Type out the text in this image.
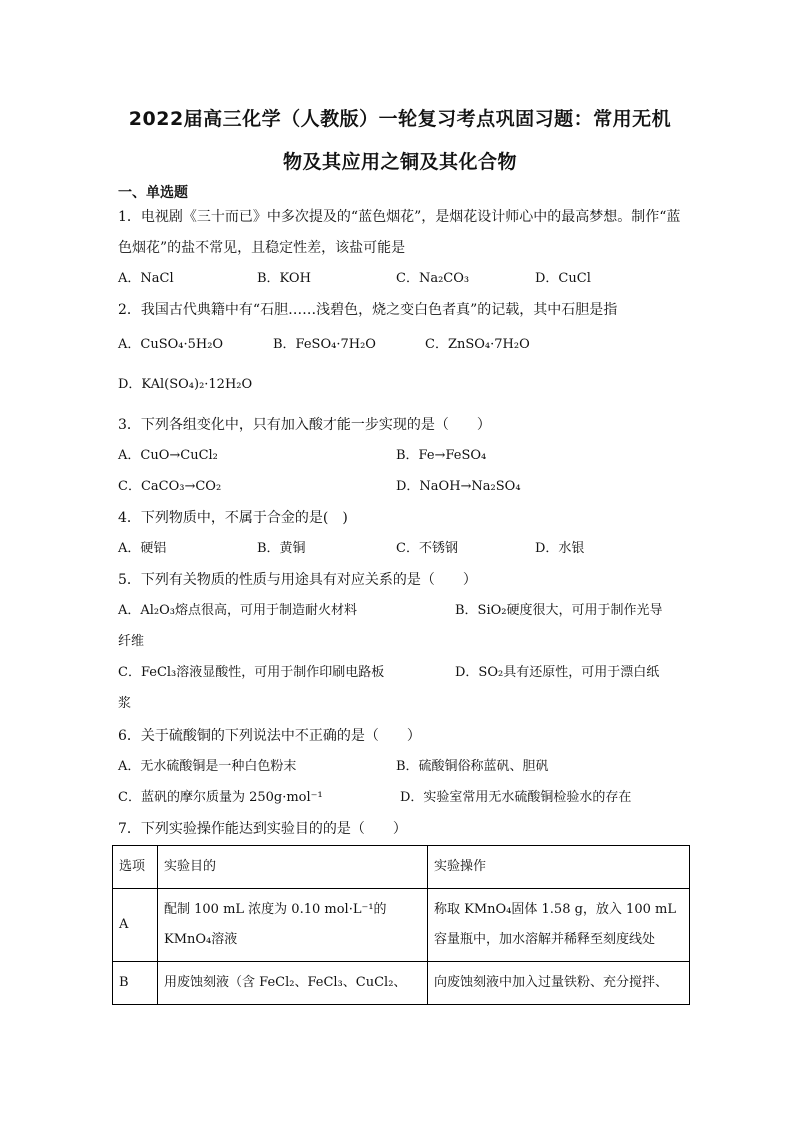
2022届高三化学（人教版）一轮复习考点巩固习题：常用无机
物及其应用之铜及其化合物
一、单选题
1．电视剧《三十而已》中多次提及的“蓝色烟花”，是烟花设计师心中的最高梦想。制作“蓝
色烟花”的盐不常见，且稳定性差，该盐可能是
A．NaCl	B．KOH	C．Na₂CO₃	D．CuCl
2．我国古代典籍中有“石胆……浅碧色，烧之变白色者真”的记载，其中石胆是指
A．CuSO₄·5H₂O	B．FeSO₄·7H₂O	C．ZnSO₄·7H₂O
D．KAl(SO₄)₂·12H₂O
3．下列各组变化中，只有加入酸才能一步实现的是（　　）
A．CuO→CuCl₂	B．Fe→FeSO₄
C．CaCO₃→CO₂	D．NaOH→Na₂SO₄
4．下列物质中，不属于合金的是(　)
A．硬铝	B．黄铜	C．不锈钢	D．水银
5．下列有关物质的性质与用途具有对应关系的是（　　）
A．Al₂O₃熔点很高，可用于制造耐火材料	B．SiO₂硬度很大，可用于制作光导
纤维
C．FeCl₃溶液显酸性，可用于制作印刷电路板	D．SO₂具有还原性，可用于漂白纸
浆
6．关于硫酸铜的下列说法中不正确的是（　　）
A．无水硫酸铜是一种白色粉末	B．硫酸铜俗称蓝矾、胆矾
C．蓝矾的摩尔质量为 250g·mol⁻¹	D．实验室常用无水硫酸铜检验水的存在
7．下列实验操作能达到实验目的的是（　　）
选项	实验目的	实验操作
A	配制 100 mL 浓度为 0.10 mol·L⁻¹的 KMnO₄溶液	称取 KMnO₄固体 1.58 g，放入 100 mL 容量瓶中，加水溶解并稀释至刻度线处
B	用废蚀刻液（含 FeCl₂、FeCl₃、CuCl₂、	向废蚀刻液中加入过量铁粉、充分搅拌、
